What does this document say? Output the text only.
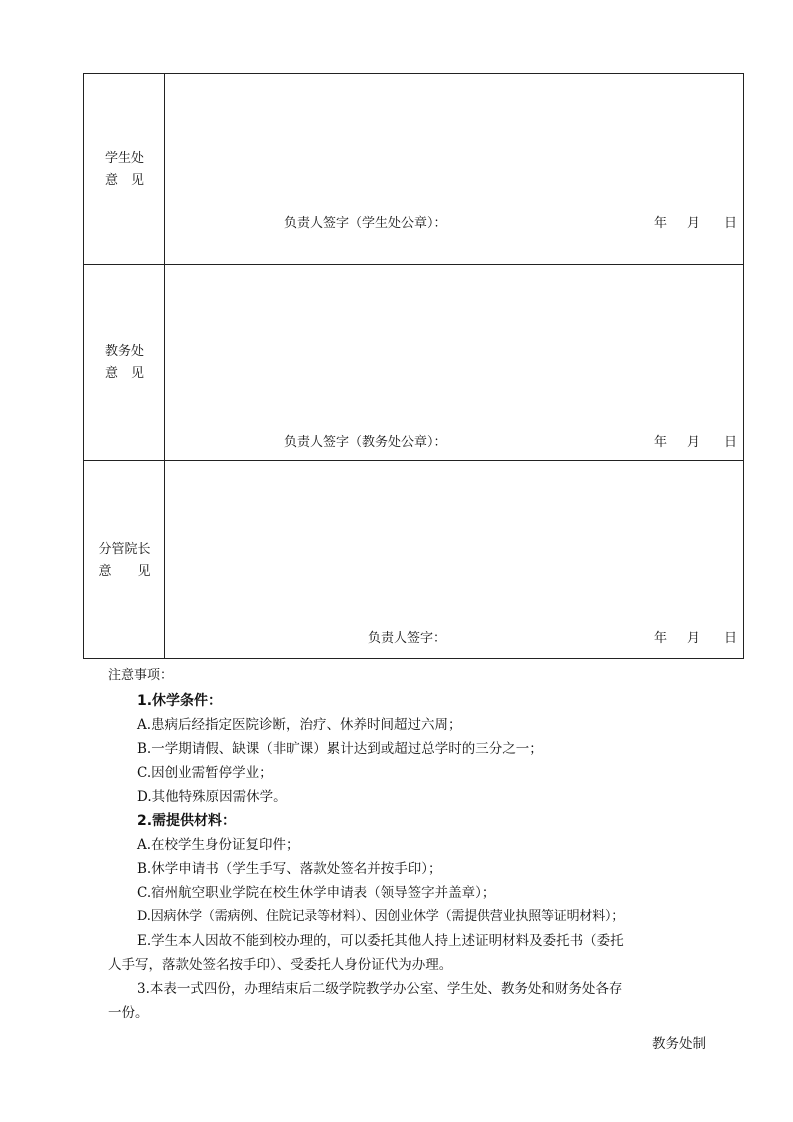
学生处
意　见
负责人签字（学生处公章）：	年 月 日
教务处
意　见
负责人签字（教务处公章）：	年 月 日
分管院长
意　　见
负责人签字：	年 月 日
注意事项：
1.休学条件：
A.患病后经指定医院诊断，治疗、休养时间超过六周；
B.一学期请假、缺课（非旷课）累计达到或超过总学时的三分之一；
C.因创业需暂停学业；
D.其他特殊原因需休学。
2.需提供材料：
A.在校学生身份证复印件；
B.休学申请书（学生手写、落款处签名并按手印）；
C.宿州航空职业学院在校生休学申请表（领导签字并盖章）；
D.因病休学（需病例、住院记录等材料）、因创业休学（需提供营业执照等证明材料）；
E.学生本人因故不能到校办理的，可以委托其他人持上述证明材料及委托书（委托
人手写，落款处签名按手印）、受委托人身份证代为办理。
3.本表一式四份，办理结束后二级学院教学办公室、学生处、教务处和财务处各存
一份。
教务处制
